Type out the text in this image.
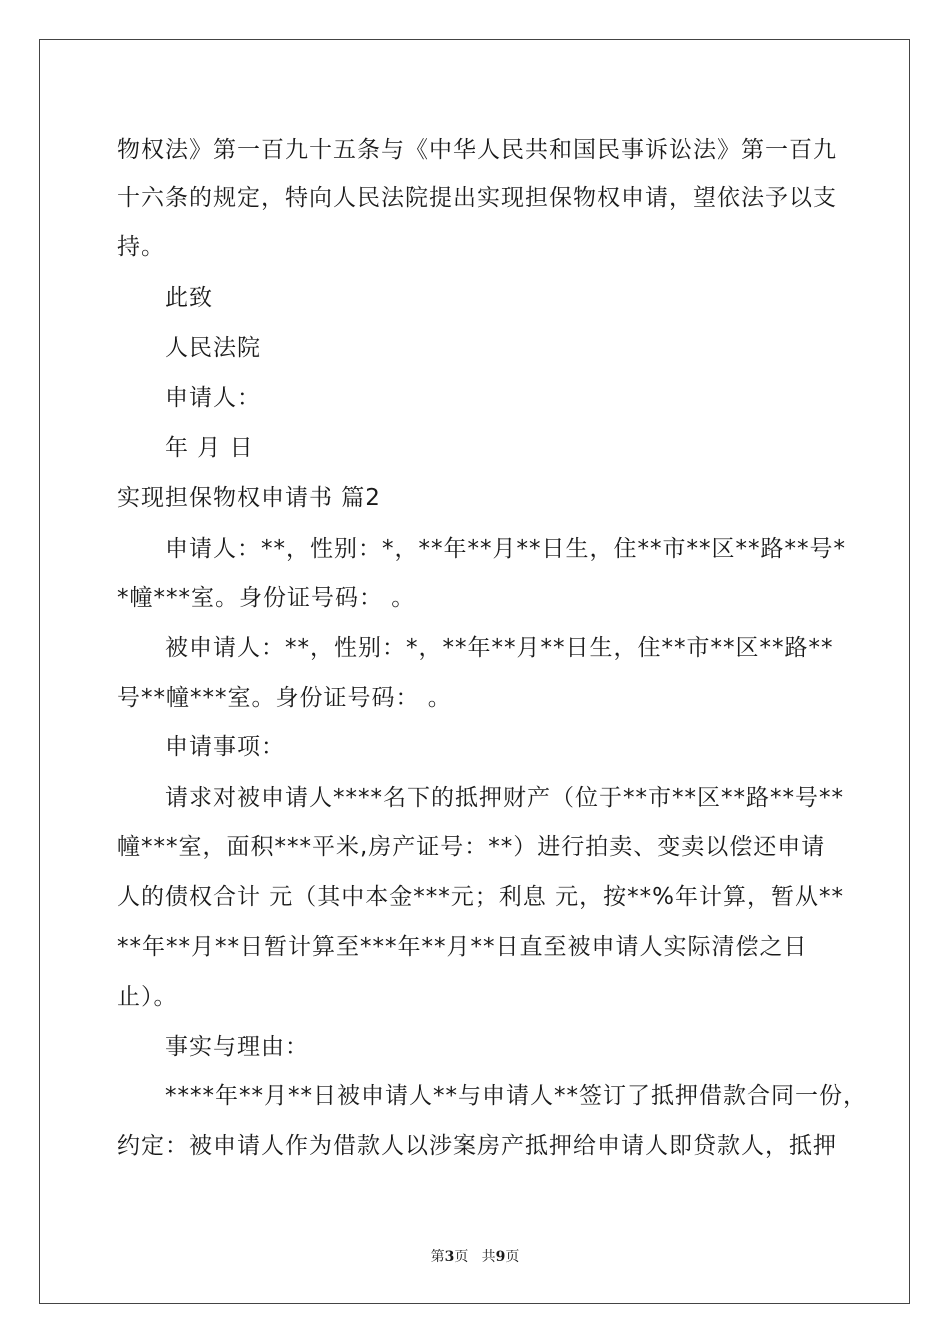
物权法》第一百九十五条与《中华人民共和国民事诉讼法》第一百九
十六条的规定，特向人民法院提出实现担保物权申请，望依法予以支
持。
此致
人民法院
申请人：
年 月 日
实现担保物权申请书 篇2
申请人：**，性别：*，**年**月**日生，住**市**区**路**号*
*幢***室。身份证号码： 。
被申请人：**，性别：*，**年**月**日生，住**市**区**路**
号**幢***室。身份证号码： 。
申请事项：
请求对被申请人****名下的抵押财产（位于**市**区**路**号**
幢***室，面积***平米,房产证号：**）进行拍卖、变卖以偿还申请
人的债权合计 元（其中本金***元；利息 元，按**%年计算，暂从**
**年**月**日暂计算至***年**月**日直至被申请人实际清偿之日
止）。
事实与理由：
****年**月**日被申请人**与申请人**签订了抵押借款合同一份，
约定：被申请人作为借款人以涉案房产抵押给申请人即贷款人，抵押
第3页   共9页
